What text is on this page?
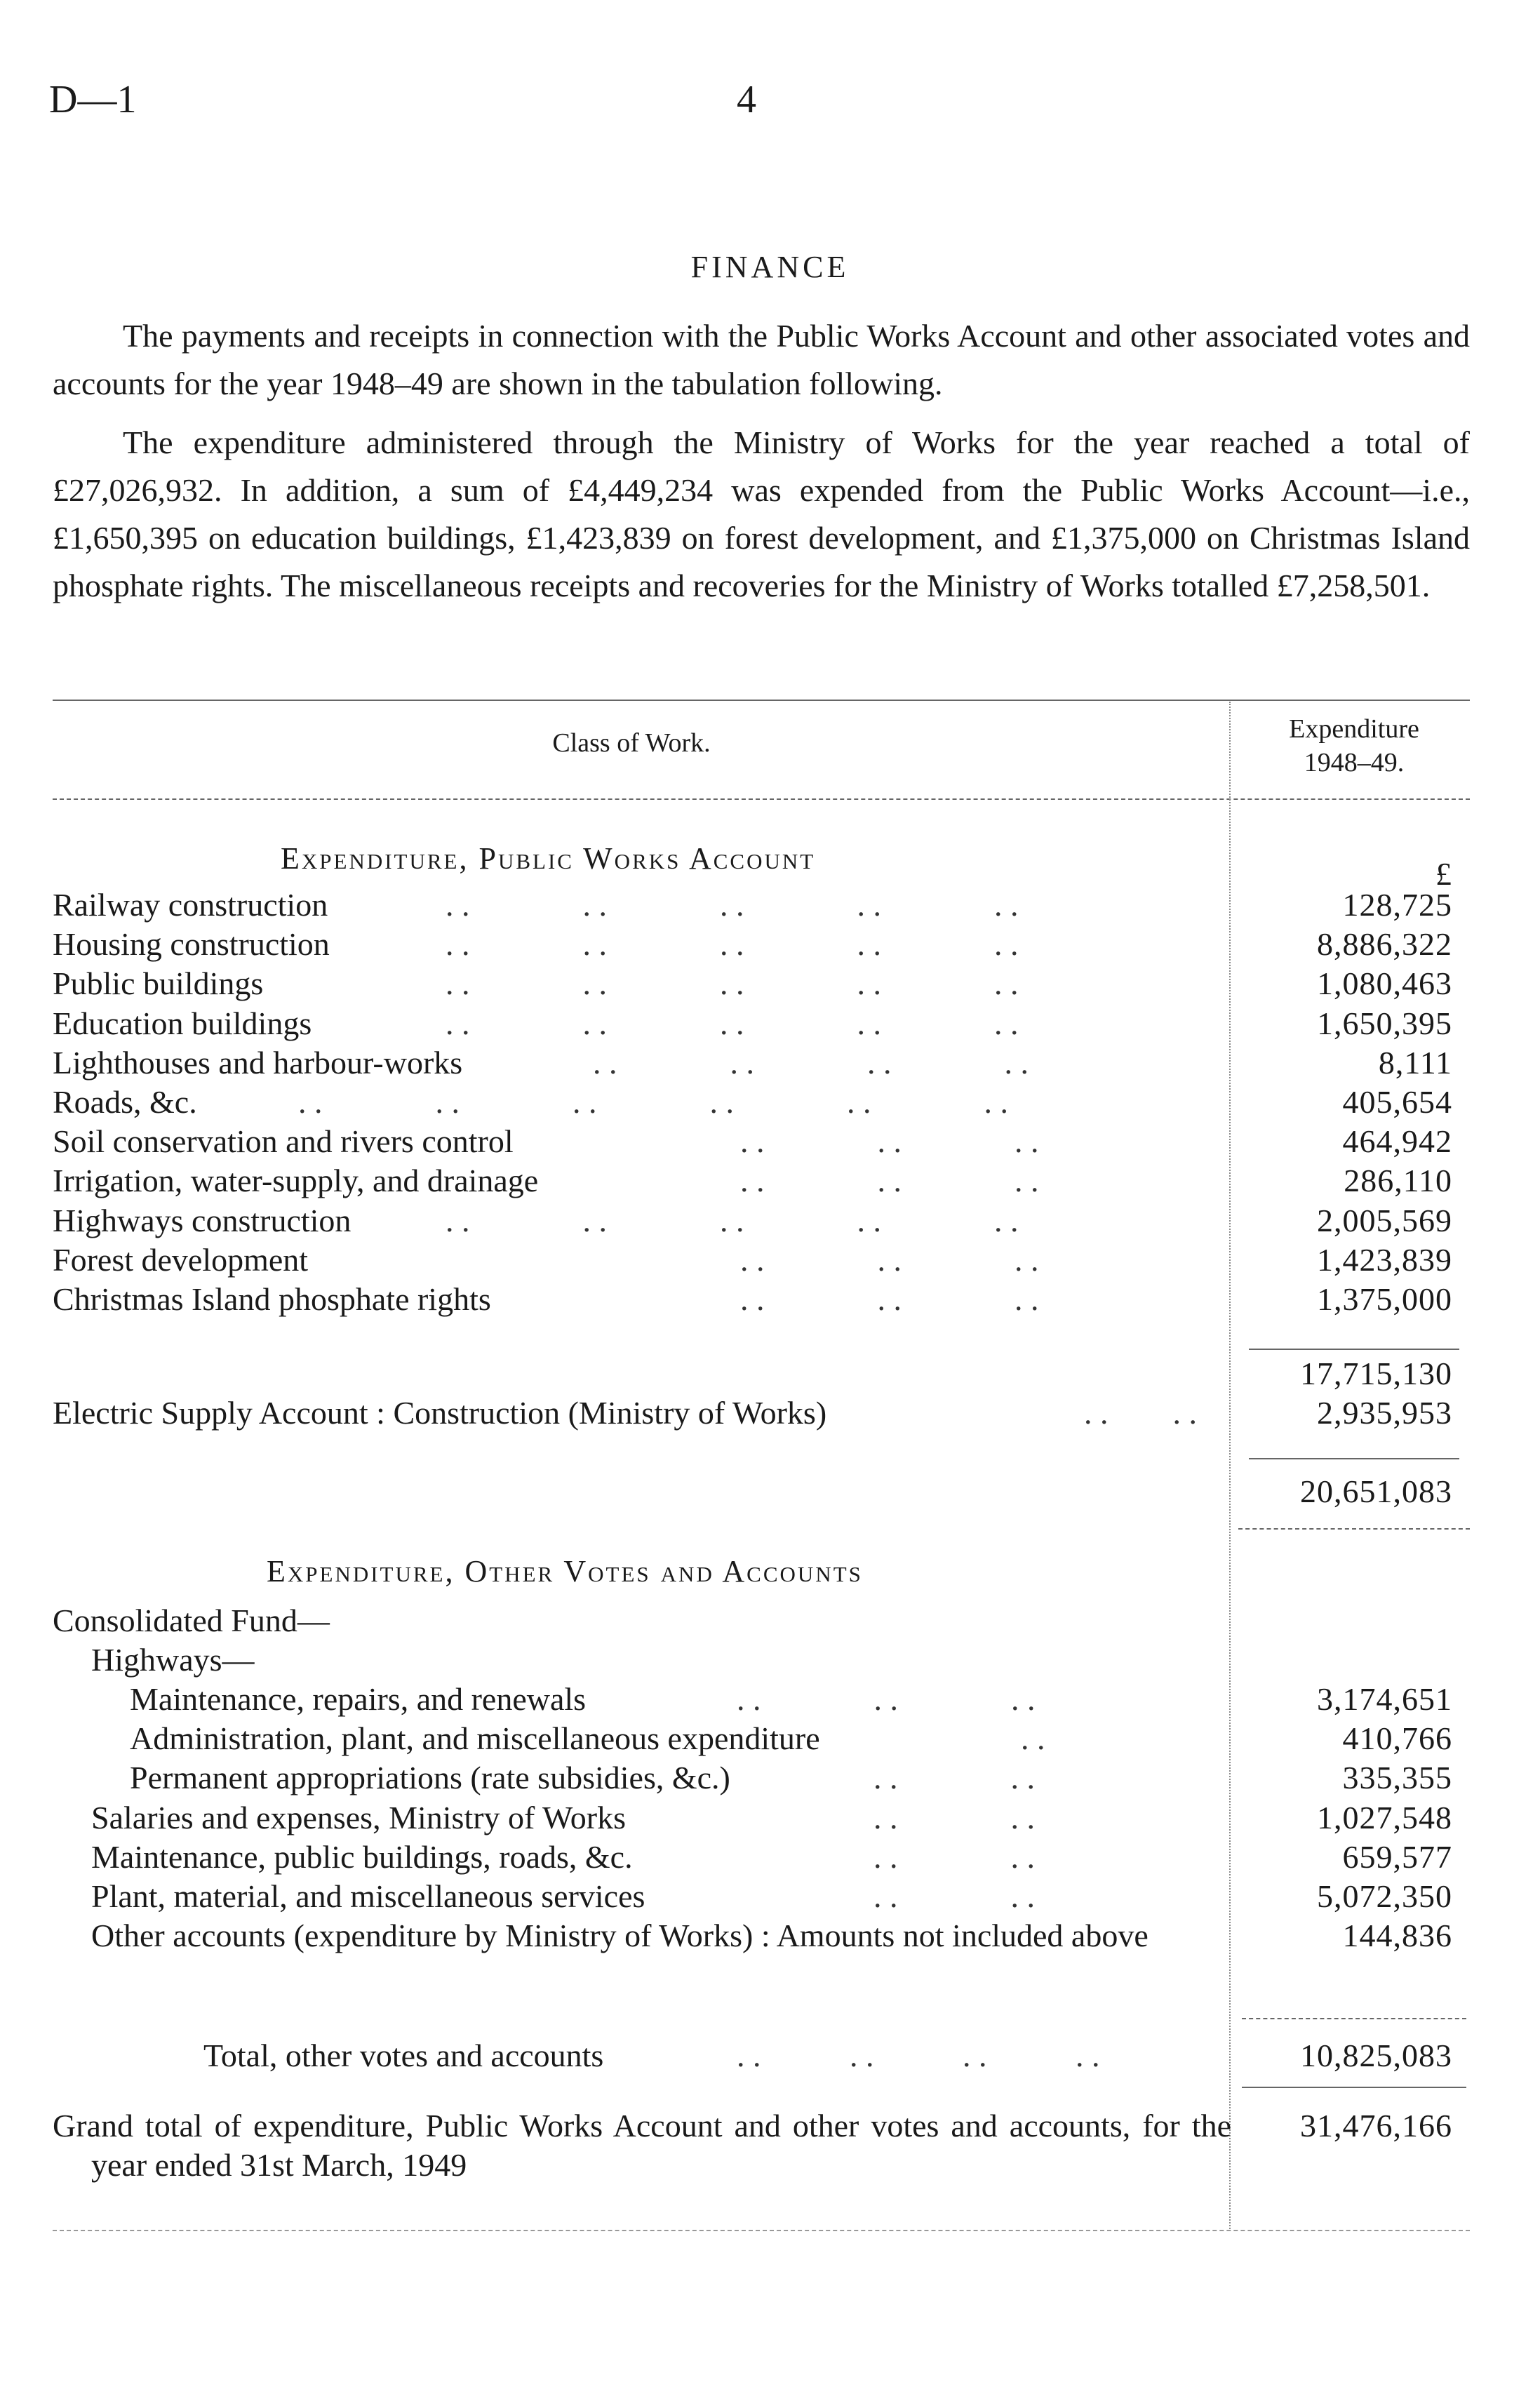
D—1	4
FINANCE

The payments and receipts in connection with the Public Works Account and other associated votes and accounts for the year 1948–49 are shown in the tabulation following.

The expenditure administered through the Ministry of Works for the year reached a total of £27,026,932. In addition, a sum of £4,449,234 was expended from the Public Works Account—i.e., £1,650,395 on education buildings, £1,423,839 on forest development, and £1,375,000 on Christmas Island phosphate rights. The miscellaneous receipts and recoveries for the Ministry of Works totalled £7,258,501.

Class of Work.	Expenditure
1948–49.
Expenditure, Public Works Account	£
Railway construction	. .              . .              . .              . .              . .	128,725
Housing construction	. .              . .              . .              . .              . .	8,886,322
Public buildings	. .              . .              . .              . .              . .	1,080,463
Education buildings	. .              . .              . .              . .              . .	1,650,395
Lighthouses and harbour-works	. .              . .              . .              . .	8,111
Roads, &c.	. .              . .              . .              . .              . .              . .	405,654
Soil conservation and rivers control	. .              . .              . .	464,942
Irrigation, water-supply, and drainage	. .              . .              . .	286,110
Highways construction	. .              . .              . .              . .              . .	2,005,569
Forest development	. .              . .              . .	1,423,839
Christmas Island phosphate rights	. .              . .              . .	1,375,000
17,715,130
Electric Supply Account : Construction (Ministry of Works)	. .        . .	2,935,953
20,651,083
Expenditure, Other Votes and Accounts
Consolidated Fund—
Highways—
Maintenance, repairs, and renewals	. .              . .              . .	3,174,651
Administration, plant, and miscellaneous expenditure	. .	410,766
Permanent appropriations (rate subsidies, &c.)	. .              . .	335,355
Salaries and expenses, Ministry of Works	. .              . .	1,027,548
Maintenance, public buildings, roads, &c.	. .              . .	659,577
Plant, material, and miscellaneous services	. .              . .	5,072,350
Other accounts (expenditure by Ministry of Works) : Amounts not included above	144,836
Total, other votes and accounts	. .           . .           . .           . .	10,825,083
Grand total of expenditure, Public Works Account and other votes and accounts, for the year ended 31st March, 1949
31,476,166
